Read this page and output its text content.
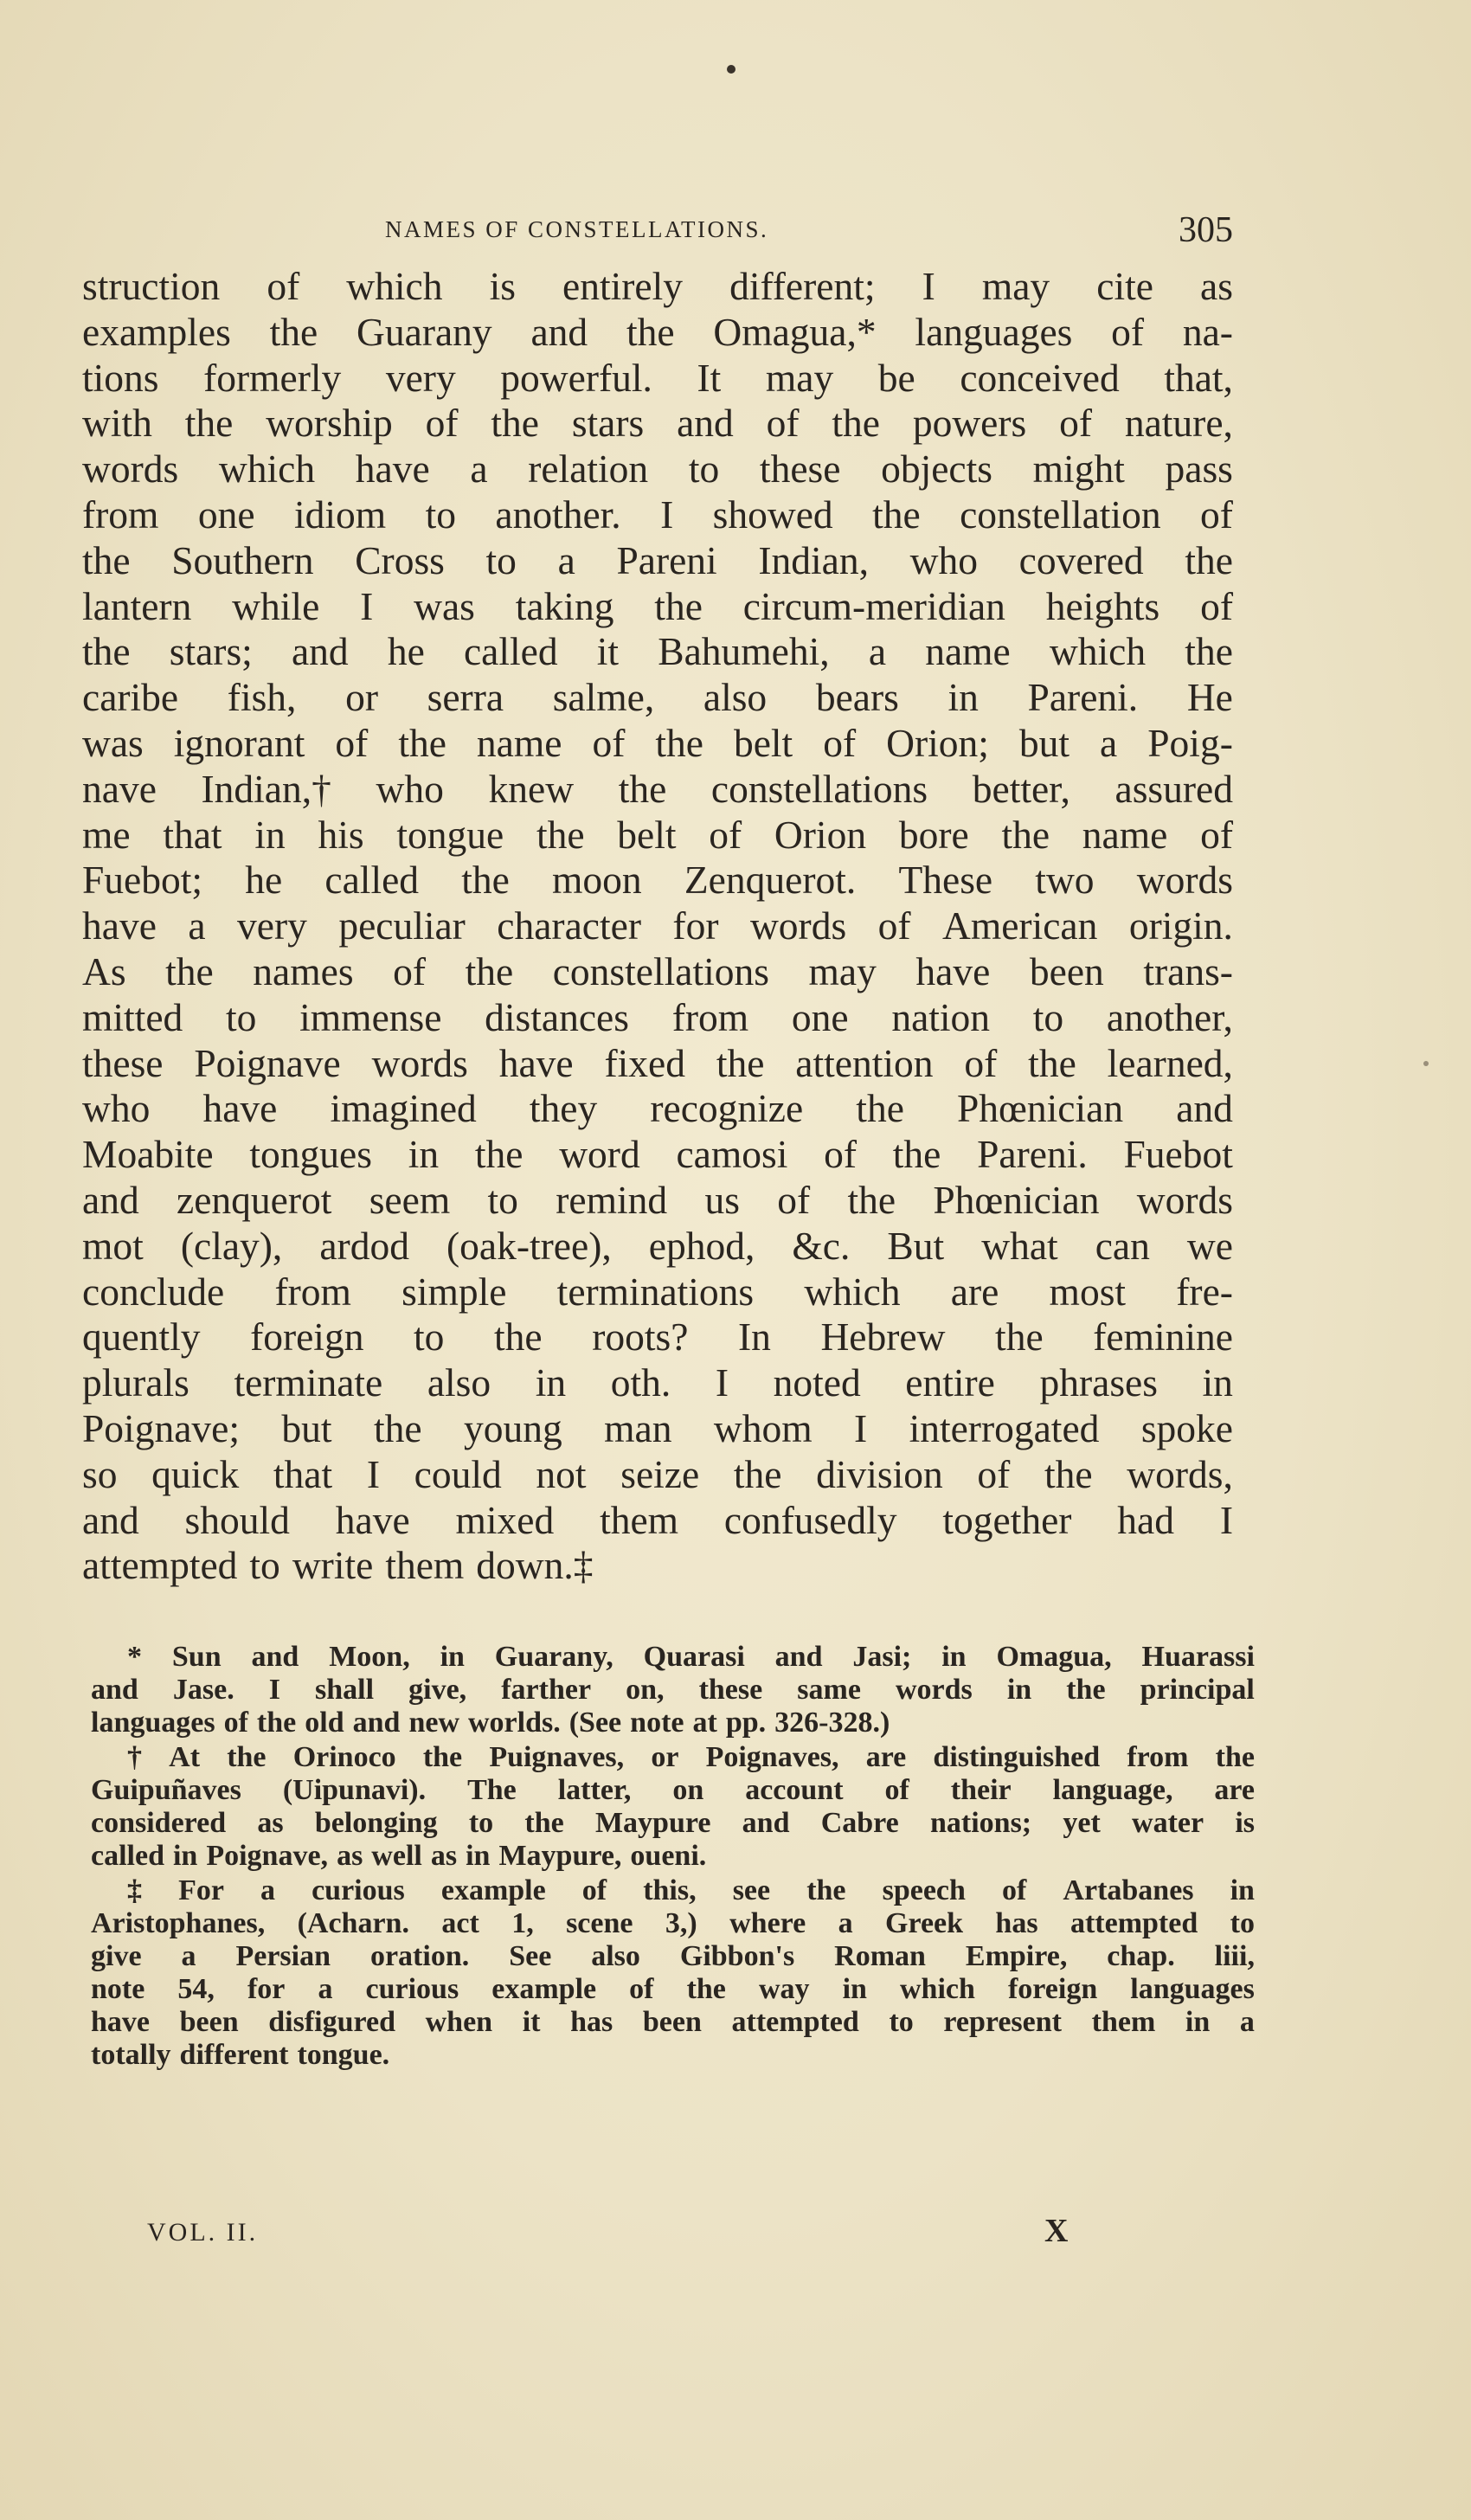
NAMES OF CONSTELLATIONS.	305
struction of which is entirely different; I may cite as
examples the Guarany and the Omagua,* languages of na-
tions formerly very powerful. It may be conceived that,
with the worship of the stars and of the powers of nature,
words which have a relation to these objects might pass
from one idiom to another. I showed the constellation of
the Southern Cross to a Pareni Indian, who covered the
lantern while I was taking the circum-meridian heights of
the stars; and he called it Bahumehi, a name which the
caribe fish, or serra salme, also bears in Pareni. He
was ignorant of the name of the belt of Orion; but a Poig-
nave Indian,† who knew the constellations better, assured
me that in his tongue the belt of Orion bore the name of
Fuebot; he called the moon Zenquerot. These two words
have a very peculiar character for words of American origin.
As the names of the constellations may have been trans-
mitted to immense distances from one nation to another,
these Poignave words have fixed the attention of the learned,
who have imagined they recognize the Phœnician and
Moabite tongues in the word camosi of the Pareni. Fuebot
and zenquerot seem to remind us of the Phœnician words
mot (clay), ardod (oak-tree), ephod, &c. But what can we
conclude from simple terminations which are most fre-
quently foreign to the roots? In Hebrew the feminine
plurals terminate also in oth. I noted entire phrases in
Poignave; but the young man whom I interrogated spoke
so quick that I could not seize the division of the words,
and should have mixed them confusedly together had I
attempted to write them down.‡
* Sun and Moon, in Guarany, Quarasi and Jasi; in Omagua, Huarassi
and Jase. I shall give, farther on, these same words in the principal
languages of the old and new worlds. (See note at pp. 326-328.)
† At the Orinoco the Puignaves, or Poignaves, are distinguished from the
Guipuñaves (Uipunavi). The latter, on account of their language, are
considered as belonging to the Maypure and Cabre nations; yet water is
called in Poignave, as well as in Maypure, oueni.
‡ For a curious example of this, see the speech of Artabanes in
Aristophanes, (Acharn. act 1, scene 3,) where a Greek has attempted to
give a Persian oration. See also Gibbon's Roman Empire, chap. liii,
note 54, for a curious example of the way in which foreign languages
have been disfigured when it has been attempted to represent them in a
totally different tongue.
VOL. II.	X
